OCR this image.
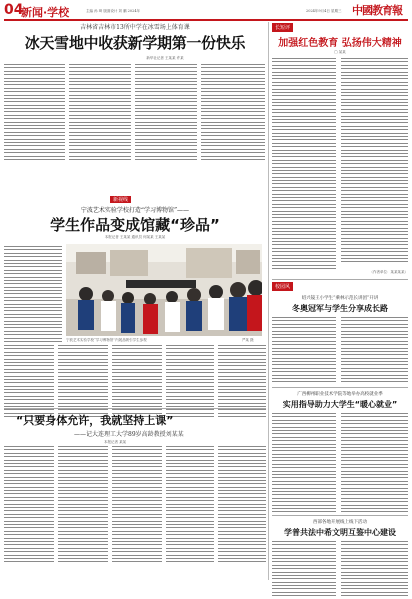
04
新闻·学校	主编 孙 琦 版面设计 刘 鹏 2024年	2024年9月4日 星期三 中國教育報
吉林省吉林市13所中学在冰雪场上体育课
冰天雪地中收获新学期第一份快乐
新华社记者 王某某 许某
新视线
宁波艺术实验学校打造“学习博物馆”——
学生作品变成馆藏“珍品”
本报记者 王某某 通讯员 何某某 王某某
宁波艺术实验学校“学习博物馆”内展品吸引学生参观	严某 摄
“只要身体允许，我就坚持上课”
——记大连理工大学89岁高龄教授刘某某
本报记者 某某
长短评
加强红色教育 弘扬伟大精神
□ 某某
（作者单位：某某某某）
校园风
绍兴镜王小学生“乘林示范长讲团”开讲
冬奥冠军与学生分享成长路
广西柳州职业技术学院等地举办高校就业季
实用指导助力大学生“暖心就业”
西部各地开展线上线下活动
学普共法中希文明互鉴中心建设
